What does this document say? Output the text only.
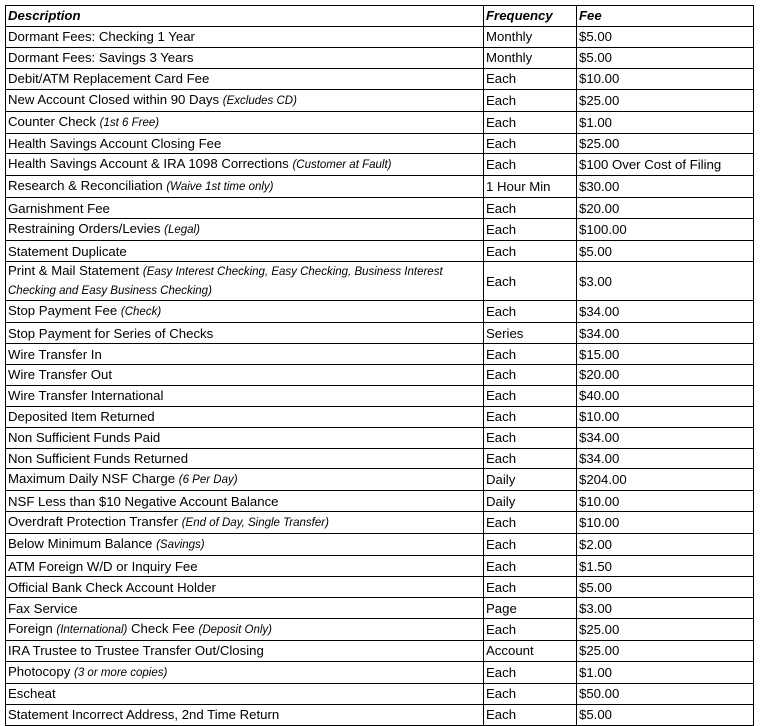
Description	Frequency	Fee
Dormant Fees: Checking 1 Year	Monthly	$5.00
Dormant Fees: Savings 3 Years	Monthly	$5.00
Debit/ATM Replacement Card Fee	Each	$10.00
New Account Closed within 90 Days (Excludes CD)	Each	$25.00
Counter Check (1st 6 Free)	Each	$1.00
Health Savings Account Closing Fee	Each	$25.00
Health Savings Account & IRA 1098 Corrections (Customer at Fault)	Each	$100 Over Cost of Filing
Research & Reconciliation (Waive 1st time only)	1 Hour Min	$30.00
Garnishment Fee	Each	$20.00
Restraining Orders/Levies (Legal)	Each	$100.00
Statement Duplicate	Each	$5.00
Print & Mail Statement (Easy Interest Checking, Easy Checking, Business Interest Checking and Easy Business Checking)	Each	$3.00
Stop Payment Fee (Check)	Each	$34.00
Stop Payment for Series of Checks	Series	$34.00
Wire Transfer In	Each	$15.00
Wire Transfer Out	Each	$20.00
Wire Transfer International	Each	$40.00
Deposited Item Returned	Each	$10.00
Non Sufficient Funds Paid	Each	$34.00
Non Sufficient Funds Returned	Each	$34.00
Maximum Daily NSF Charge (6 Per Day)	Daily	$204.00
NSF Less than $10 Negative Account Balance	Daily	$10.00
Overdraft Protection Transfer (End of Day, Single Transfer)	Each	$10.00
Below Minimum Balance (Savings)	Each	$2.00
ATM Foreign W/D or Inquiry Fee	Each	$1.50
Official Bank Check Account Holder	Each	$5.00
Fax Service	Page	$3.00
Foreign (International) Check Fee (Deposit Only)	Each	$25.00
IRA Trustee to Trustee Transfer Out/Closing	Account	$25.00
Photocopy (3 or more copies)	Each	$1.00
Escheat	Each	$50.00
Statement Incorrect Address, 2nd Time Return	Each	$5.00
